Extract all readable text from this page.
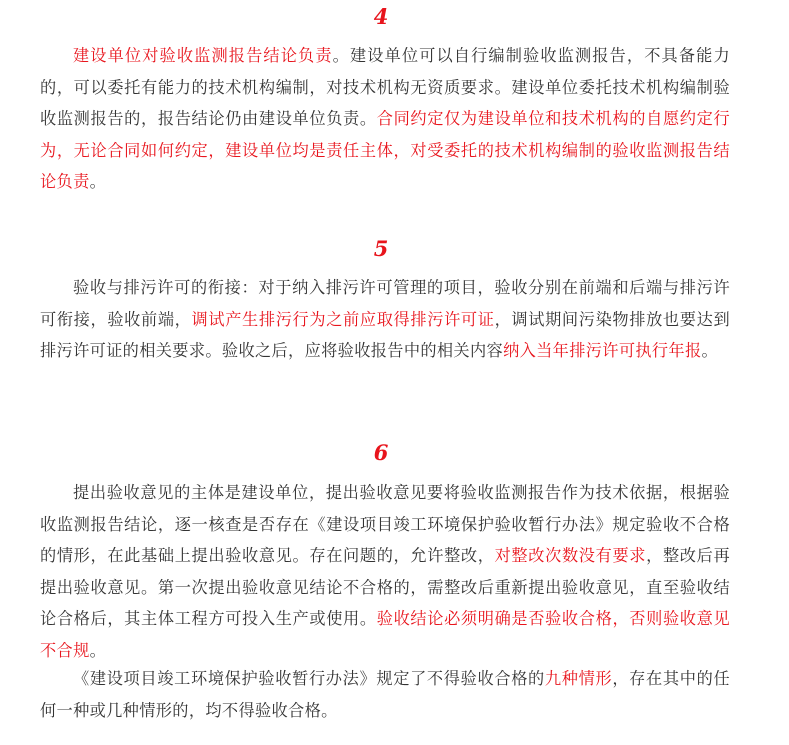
4

建设单位对验收监测报告结论负责。建设单位可以自行编制验收监测报告，不具备能力的，可以委托有能力的技术机构编制，对技术机构无资质要求。建设单位委托技术机构编制验收监测报告的，报告结论仍由建设单位负责。合同约定仅为建设单位和技术机构的自愿约定行为，无论合同如何约定，建设单位均是责任主体，对受委托的技术机构编制的验收监测报告结论负责。

5

验收与排污许可的衔接：对于纳入排污许可管理的项目，验收分别在前端和后端与排污许可衔接，验收前端，调试产生排污行为之前应取得排污许可证，调试期间污染物排放也要达到排污许可证的相关要求。验收之后，应将验收报告中的相关内容纳入当年排污许可执行年报。

6

提出验收意见的主体是建设单位，提出验收意见要将验收监测报告作为技术依据，根据验收监测报告结论，逐一核查是否存在《建设项目竣工环境保护验收暂行办法》规定验收不合格的情形，在此基础上提出验收意见。存在问题的，允许整改，对整改次数没有要求，整改后再提出验收意见。第一次提出验收意见结论不合格的，需整改后重新提出验收意见，直至验收结论合格后，其主体工程方可投入生产或使用。验收结论必须明确是否验收合格，否则验收意见不合规。

《建设项目竣工环境保护验收暂行办法》规定了不得验收合格的九种情形，存在其中的任何一种或几种情形的，均不得验收合格。
